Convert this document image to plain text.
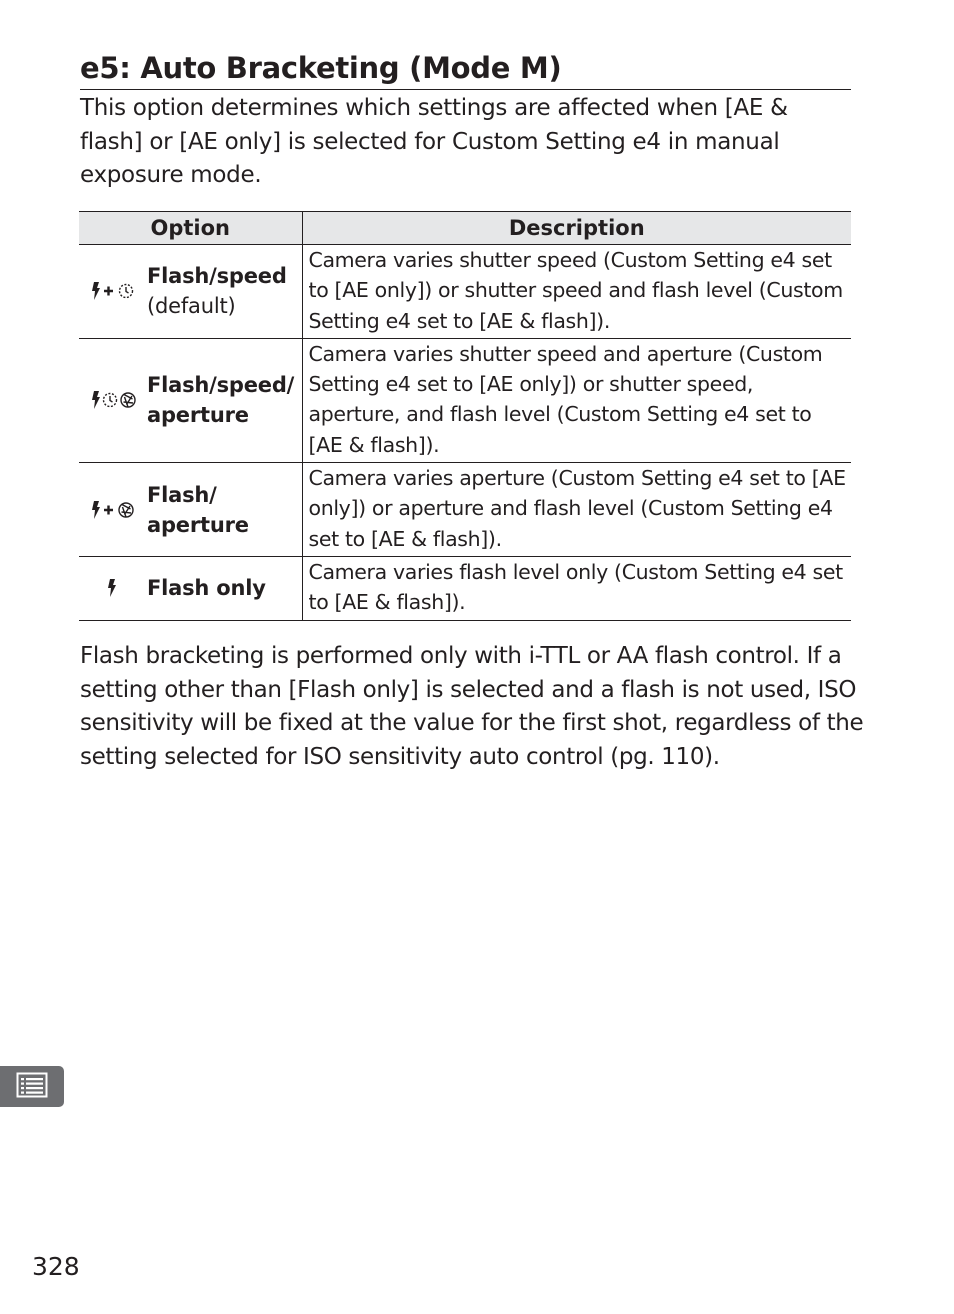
e5: Auto Bracketing (Mode M)
This option determines which settings are affected when [AE & flash] or [AE only] is selected for Custom Setting e4 in manual exposure mode.
Option	Description

Flash/speed
(default)	Camera varies shutter speed (Custom Setting e4 set to [AE only]) or shutter speed and flash level (Custom Setting e4 set to [AE & flash]).

Flash/speed/ aperture	Camera varies shutter speed and aperture (Custom Setting e4 set to [AE only]) or shutter speed, aperture, and flash level (Custom Setting e4 set to [AE & flash]).

Flash/ aperture	Camera varies aperture (Custom Setting e4 set to [AE only]) or aperture and flash level (Custom Setting e4 set to [AE & flash]).

Flash only	Camera varies flash level only (Custom Setting e4 set to [AE & flash]).
Flash bracketing is performed only with i-TTL or AA flash control. If a setting other than [Flash only] is selected and a flash is not used, ISO sensitivity will be fixed at the value for the first shot, regardless of the setting selected for ISO sensitivity auto control (pg. 110).
328
